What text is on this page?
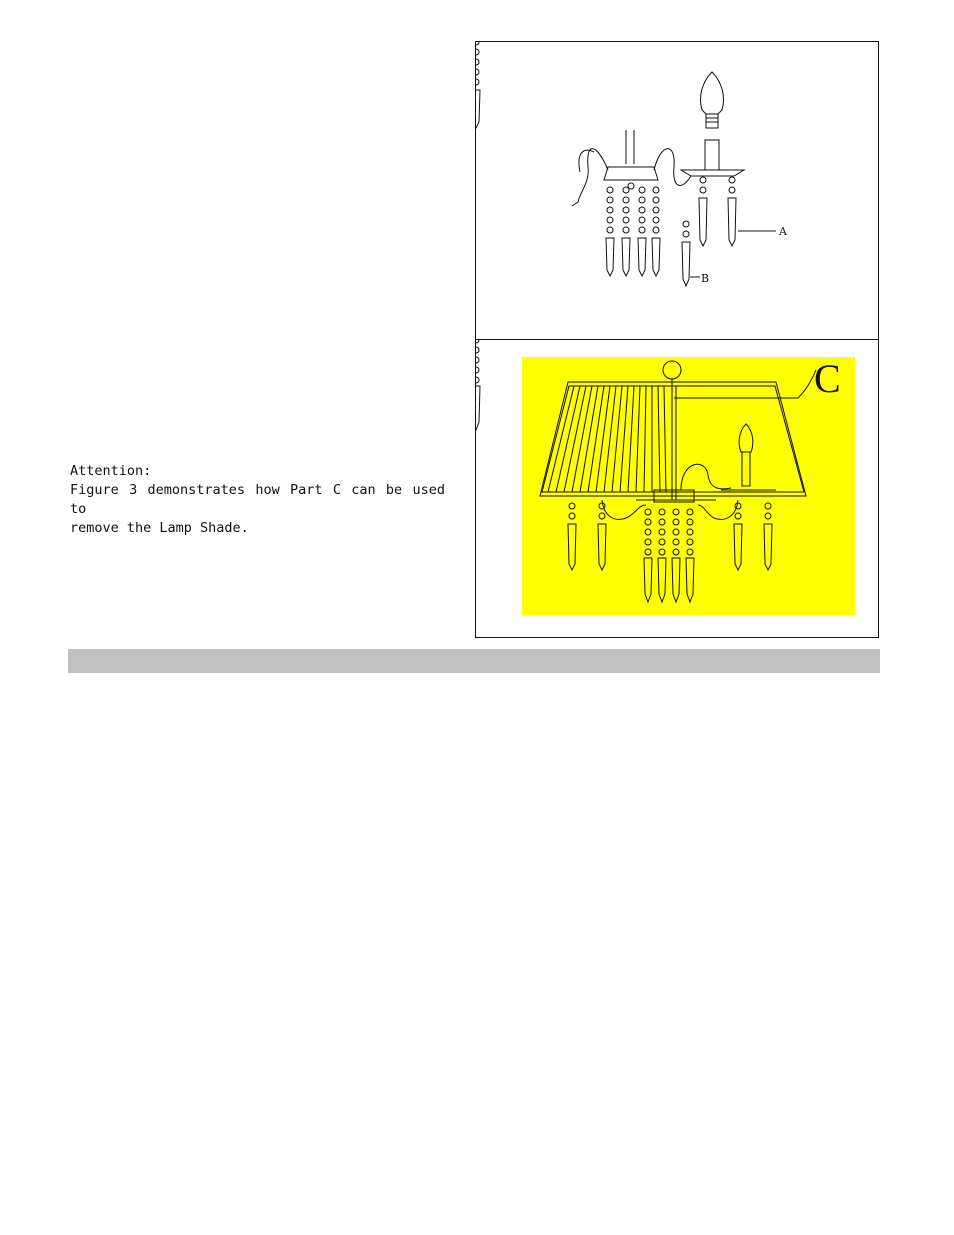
Attention:
Figure 3 demonstrates how Part C can be used to
remove the Lamp Shade.
A
B
C
